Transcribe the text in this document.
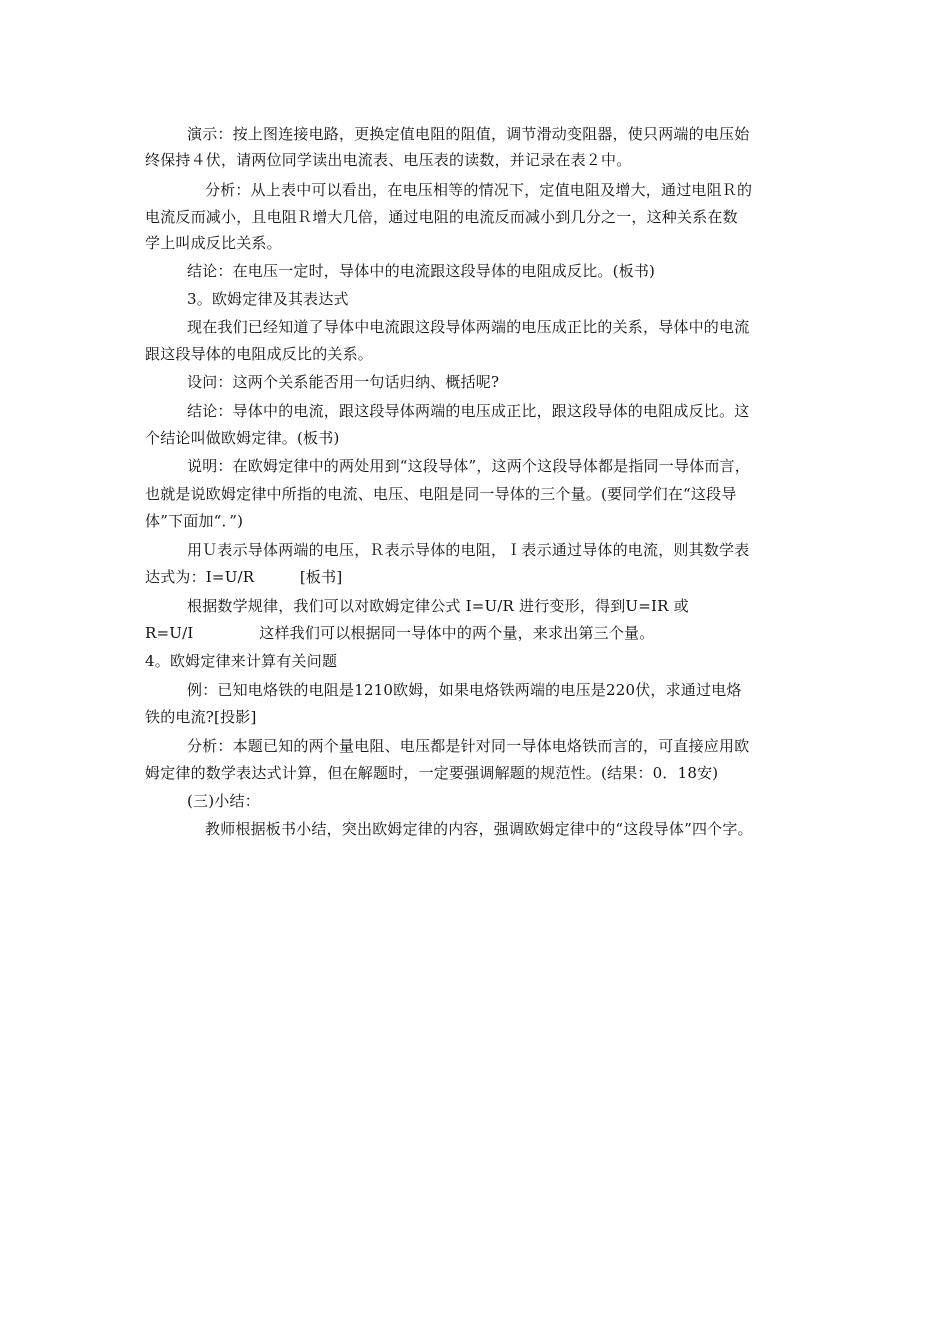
演示：按上图连接电路，更换定值电阻的阻值，调节滑动变阻器，使只两端的电压始
终保持４伏，请两位同学读出电流表、电压表的读数，并记录在表２中。
分析：从上表中可以看出，在电压相等的情况下，定值电阻及增大，通过电阻Ｒ的
电流反而减小，且电阻Ｒ增大几倍，通过电阻的电流反而减小到几分之一，这种关系在数
学上叫成反比关系。
结论：在电压一定时，导体中的电流跟这段导体的电阻成反比。(板书)
3。欧姆定律及其表达式
现在我们已经知道了导体中电流跟这段导体两端的电压成正比的关系，导体中的电流
跟这段导体的电阻成反比的关系。
设问：这两个关系能否用一句话归纳、概括呢?
结论：导体中的电流，跟这段导体两端的电压成正比，跟这段导体的电阻成反比。这
个结论叫做欧姆定律。(板书)
说明：在欧姆定律中的两处用到“这段导体”，这两个这段导体都是指同一导体而言，
也就是说欧姆定律中所指的电流、电压、电阻是同一导体的三个量。(要同学们在“这段导
体”下面加“．”)
用Ｕ表示导体两端的电压，Ｒ表示导体的电阻，Ｉ表示通过导体的电流，则其数学表
达式为：I=U/R　　　[板书]
根据数学规律，我们可以对欧姆定律公式 I=U/R 进行变形，得到U=IR 或
R=U/I　　　　 这样我们可以根据同一导体中的两个量，来求出第三个量。
4。欧姆定律来计算有关问题
例：已知电烙铁的电阻是1210欧姆，如果电烙铁两端的电压是220伏，求通过电烙
铁的电流?[投影]
分析：本题已知的两个量电阻、电压都是针对同一导体电烙铁而言的，可直接应用欧
姆定律的数学表达式计算，但在解题时，一定要强调解题的规范性。(结果：0．18安)
(三)小结：
教师根据板书小结，突出欧姆定律的内容，强调欧姆定律中的“这段导体”四个字。
